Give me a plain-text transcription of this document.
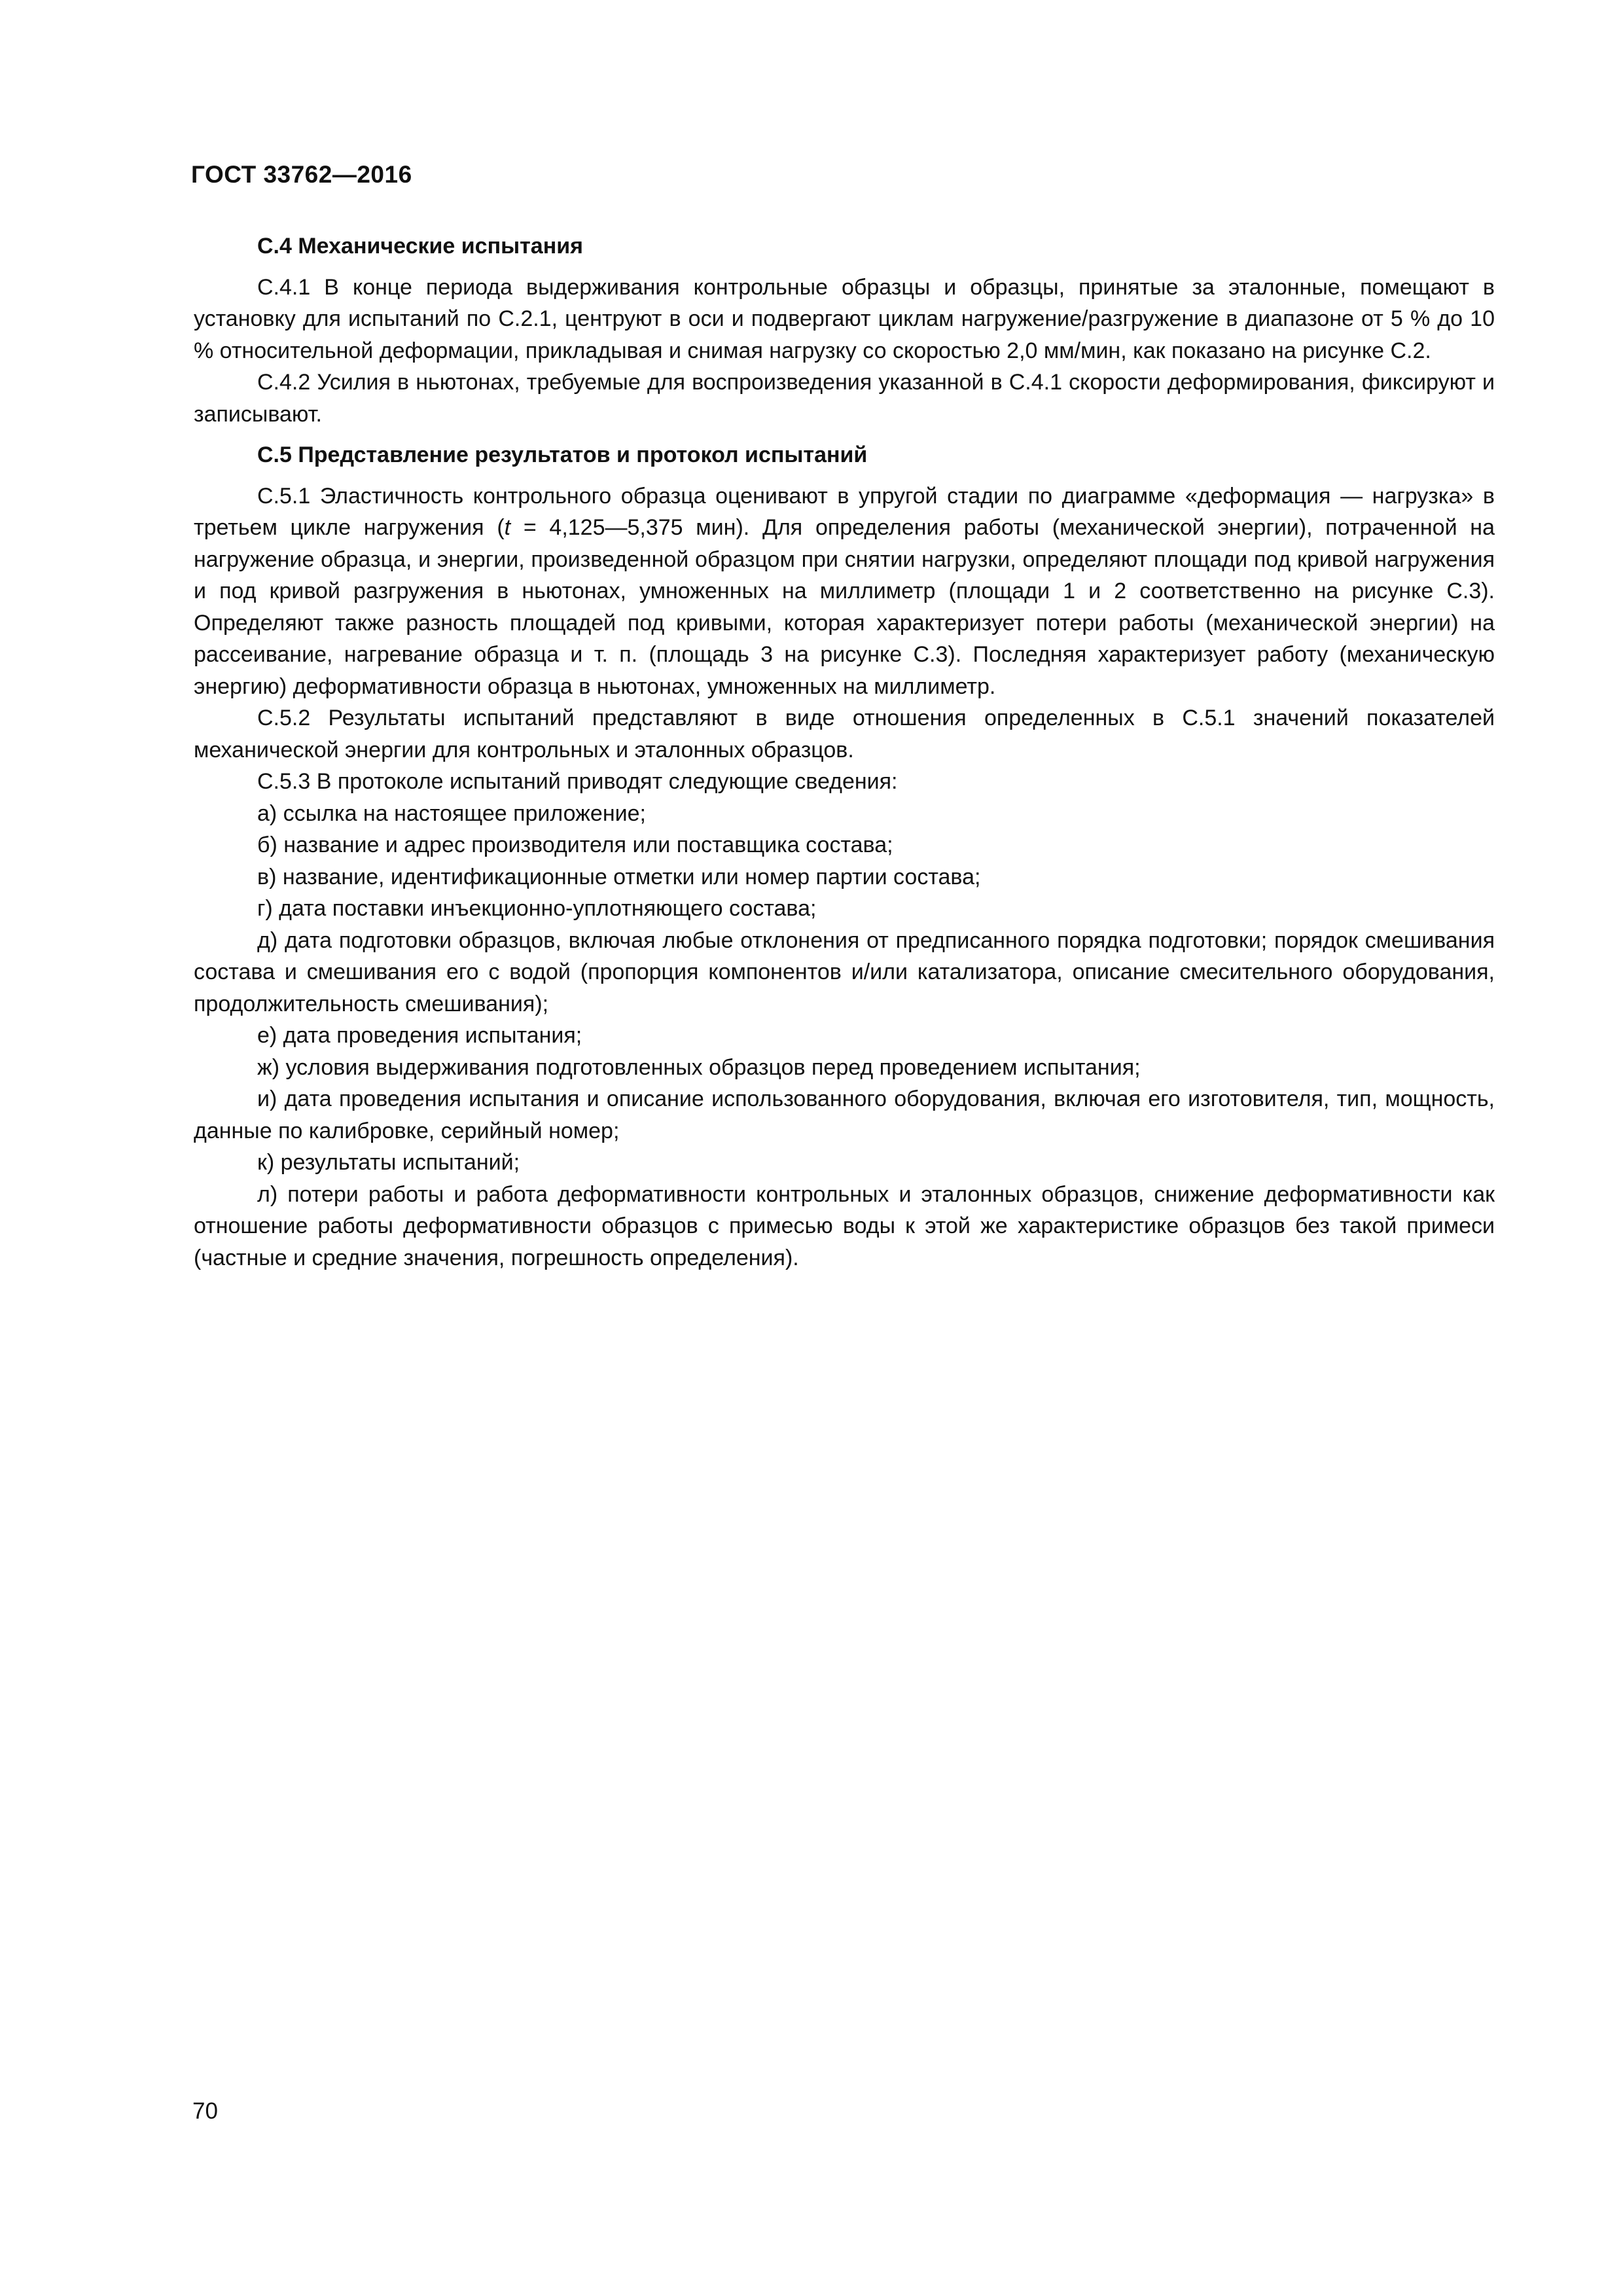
ГОСТ 33762—2016
С.4 Механические испытания

С.4.1 В конце периода выдерживания контрольные образцы и образцы, принятые за эталонные, помещают в установку для испытаний по С.2.1, центруют в оси и подвергают циклам нагружение/разгружение в диапазоне от 5 % до 10 % относительной деформации, прикладывая и снимая нагрузку со скоростью 2,0 мм/мин, как показано на рисунке С.2.

С.4.2 Усилия в ньютонах, требуемые для воспроизведения указанной в С.4.1 скорости деформирования, фиксируют и записывают.

С.5 Представление результатов и протокол испытаний

С.5.1 Эластичность контрольного образца оценивают в упругой стадии по диаграмме «деформация — нагрузка» в третьем цикле нагружения (t = 4,125—5,375 мин). Для определения работы (механической энергии), потраченной на нагружение образца, и энергии, произведенной образцом при снятии нагрузки, определяют площади под кривой нагружения и под кривой разгружения в ньютонах, умноженных на миллиметр (площади 1 и 2 соответственно на рисунке С.3). Определяют также разность площадей под кривыми, которая характеризует потери работы (механической энергии) на рассеивание, нагревание образца и т. п. (площадь 3 на рисунке С.3). Последняя характеризует работу (механическую энергию) деформативности образца в ньютонах, умноженных на миллиметр.

С.5.2 Результаты испытаний представляют в виде отношения определенных в С.5.1 значений показателей механической энергии для контрольных и эталонных образцов.

С.5.3 В протоколе испытаний приводят следующие сведения:

а) ссылка на настоящее приложение;

б) название и адрес производителя или поставщика состава;

в) название, идентификационные отметки или номер партии состава;

г) дата поставки инъекционно-уплотняющего состава;

д) дата подготовки образцов, включая любые отклонения от предписанного порядка подготовки; порядок смешивания состава и смешивания его с водой (пропорция компонентов и/или катализатора, описание смесительного оборудования, продолжительность смешивания);

е) дата проведения испытания;

ж) условия выдерживания подготовленных образцов перед проведением испытания;

и) дата проведения испытания и описание использованного оборудования, включая его изготовителя, тип, мощность, данные по калибровке, серийный номер;

к) результаты испытаний;

л) потери работы и работа деформативности контрольных и эталонных образцов, снижение деформативности как отношение работы деформативности образцов с примесью воды к этой же характеристике образцов без такой примеси (частные и средние значения, погрешность определения).

70
